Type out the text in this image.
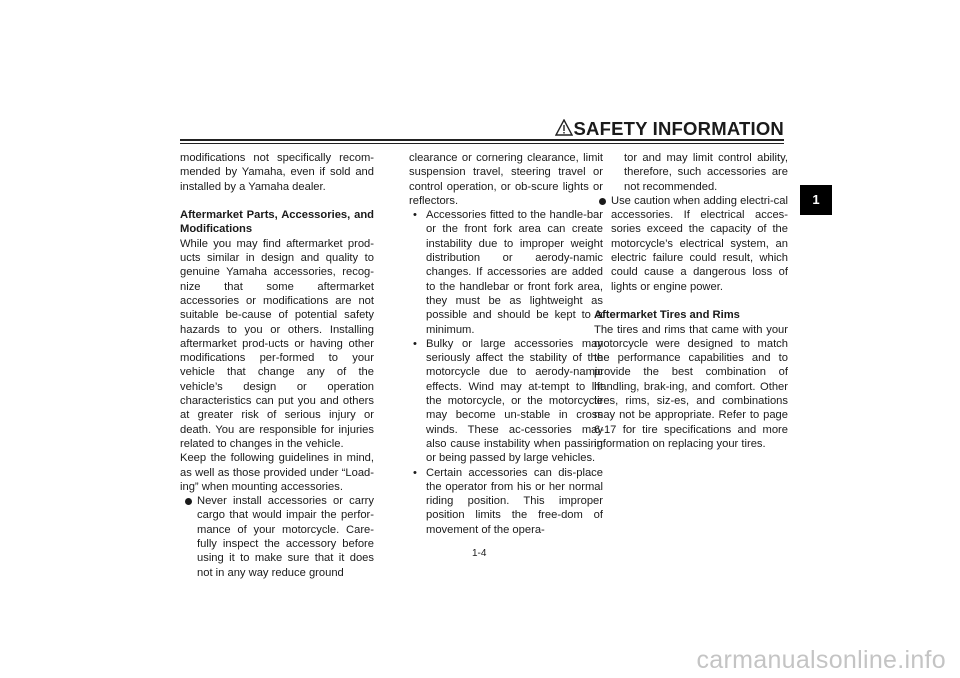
SAFETY INFORMATION
1

modifications not specifically recom-mended by Yamaha, even if sold and installed by a Yamaha dealer.

Aftermarket Parts, Accessories, and Modifications

While you may find aftermarket prod-ucts similar in design and quality to genuine Yamaha accessories, recog-nize that some aftermarket accessories or modifications are not suitable be-cause of potential safety hazards to you or others. Installing aftermarket prod-ucts or having other modifications per-formed to your vehicle that change any of the vehicle’s design or operation characteristics can put you and others at greater risk of serious injury or death. You are responsible for injuries related to changes in the vehicle.

Keep the following guidelines in mind, as well as those provided under “Load-ing” when mounting accessories.

Never install accessories or carry cargo that would impair the perfor-mance of your motorcycle. Care-fully inspect the accessory before using it to make sure that it does not in any way reduce ground

clearance or cornering clearance, limit suspension travel, steering travel or control operation, or ob-scure lights or reflectors.

• Accessories fitted to the handle-bar or the front fork area can create instability due to improper weight distribution or aerody-namic changes. If accessories are added to the handlebar or front fork area, they must be as lightweight as possible and should be kept to a minimum.

• Bulky or large accessories may seriously affect the stability of the motorcycle due to aerody-namic effects. Wind may at-tempt to lift the motorcycle, or the motorcycle may become un-stable in cross winds. These ac-cessories may also cause instability when passing or being passed by large vehicles.

• Certain accessories can dis-place the operator from his or her normal riding position. This improper position limits the free-dom of movement of the opera-

tor and may limit control ability, therefore, such accessories are not recommended.

Use caution when adding electri-cal accessories. If electrical acces-sories exceed the capacity of the motorcycle’s electrical system, an electric failure could result, which could cause a dangerous loss of lights or engine power.

Aftermarket Tires and Rims

The tires and rims that came with your motorcycle were designed to match the performance capabilities and to provide the best combination of handling, brak-ing, and comfort. Other tires, rims, siz-es, and combinations may not be appropriate. Refer to page 6-17 for tire specifications and more information on replacing your tires.

1-4
carmanualsonline.info
